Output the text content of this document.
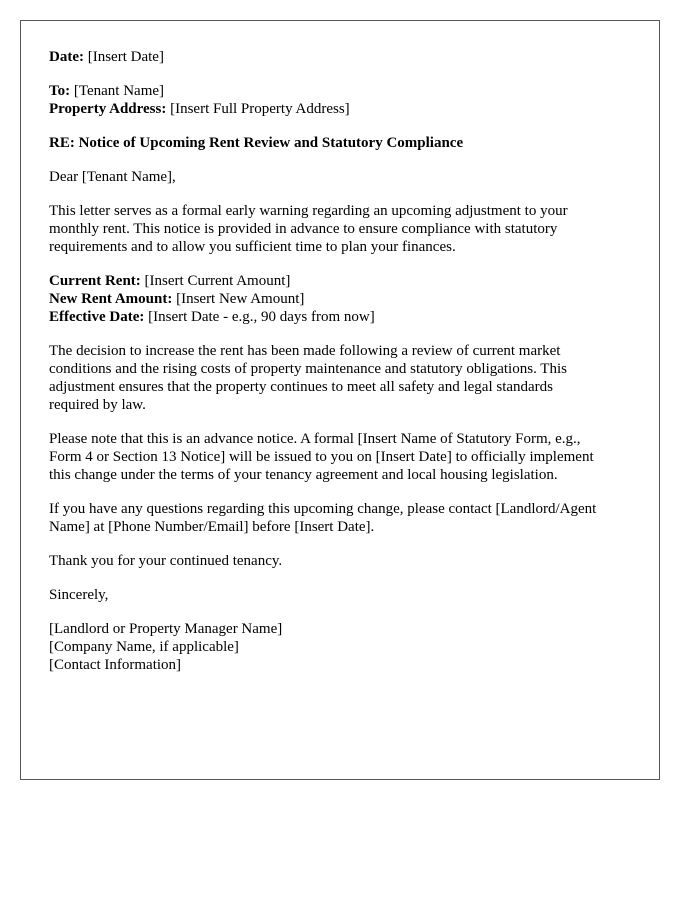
Date: [Insert Date]

To: [Tenant Name]
Property Address: [Insert Full Property Address]

RE: Notice of Upcoming Rent Review and Statutory Compliance

Dear [Tenant Name],

This letter serves as a formal early warning regarding an upcoming adjustment to your
monthly rent. This notice is provided in advance to ensure compliance with statutory
requirements and to allow you sufficient time to plan your finances.

Current Rent: [Insert Current Amount]
New Rent Amount: [Insert New Amount]
Effective Date: [Insert Date - e.g., 90 days from now]

The decision to increase the rent has been made following a review of current market
conditions and the rising costs of property maintenance and statutory obligations. This
adjustment ensures that the property continues to meet all safety and legal standards
required by law.

Please note that this is an advance notice. A formal [Insert Name of Statutory Form, e.g.,
Form 4 or Section 13 Notice] will be issued to you on [Insert Date] to officially implement
this change under the terms of your tenancy agreement and local housing legislation.

If you have any questions regarding this upcoming change, please contact [Landlord/Agent
Name] at [Phone Number/Email] before [Insert Date].

Thank you for your continued tenancy.

Sincerely,

[Landlord or Property Manager Name]
[Company Name, if applicable]
[Contact Information]
